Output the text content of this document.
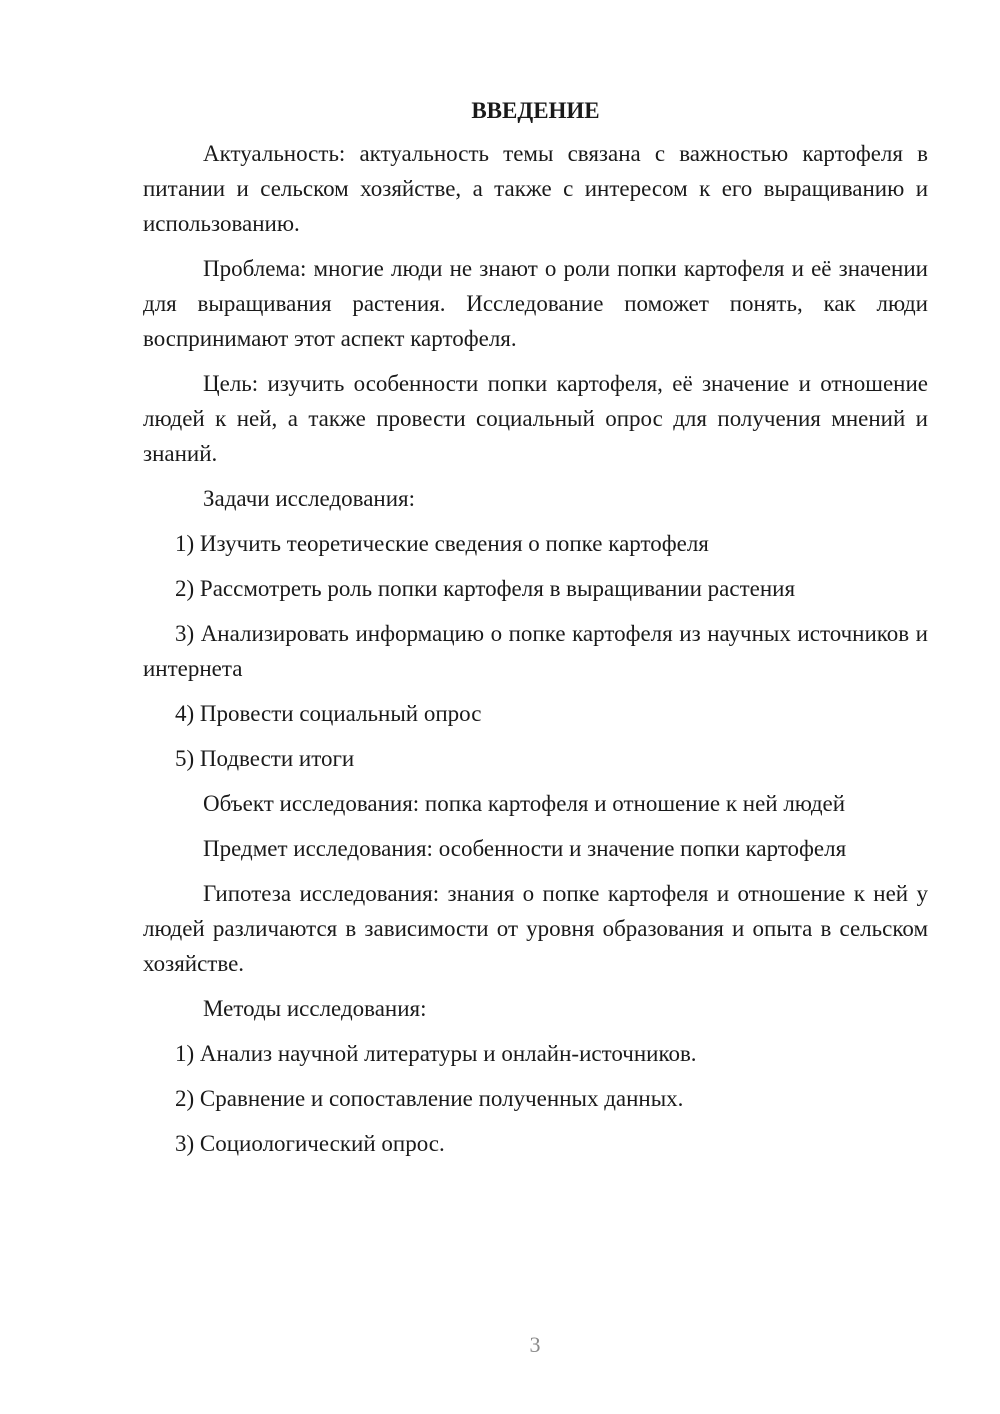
ВВЕДЕНИЕ

Актуальность: актуальность темы связана с важностью картофеля в питании и сельском хозяйстве, а также с интересом к его выращиванию и использованию.

Проблема: многие люди не знают о роли попки картофеля и её значении для выращивания растения. Исследование поможет понять, как люди воспринимают этот аспект картофеля.

Цель: изучить особенности попки картофеля, её значение и отношение людей к ней, а также провести социальный опрос для получения мнений и знаний.

Задачи исследования:

1) Изучить теоретические сведения о попке картофеля

2) Рассмотреть роль попки картофеля в выращивании растения

3) Анализировать информацию о попке картофеля из научных источников и интернета

4) Провести социальный опрос

5) Подвести итоги

Объект исследования: попка картофеля и отношение к ней людей

Предмет исследования: особенности и значение попки картофеля

Гипотеза исследования: знания о попке картофеля и отношение к ней у людей различаются в зависимости от уровня образования и опыта в сельском хозяйстве.

Методы исследования:

1) Анализ научной литературы и онлайн-источников.

2) Сравнение и сопоставление полученных данных.

3) Социологический опрос.

3
